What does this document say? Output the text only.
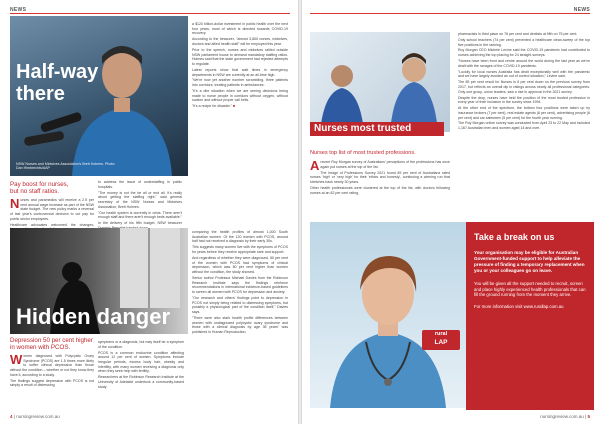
NEWS
Half-way
there
NSW Nurses and Midwives Association's Brett Holmes. Photo: Dan Himbrechts/AAP
Pay boost for nurses,
but no staff ratios.

Nurses and paramedics will receive a 2.5 per cent annual wage increase as part of the NSW state budget. The new policy marks a reversal of last year's controversial decision to cut pay for public sector employees.

Healthcare advocates welcomed the changes;

to address the issue of understaffing in public hospitals.

"The money is not the be all or end all. It's really about getting the staffing right," said general secretary of the NSW Nurses and Midwives Association, Brett Holmes.

"Our health system is currently in crisis. There aren't enough staff and there aren't enough beds available."

In the delivery of his fifth budget, NSW treasurer

a $120 billion-dollar investment in public health over the next four years, most of which is directed towards COVID-19 recovery.

According to the treasurer, "almost 3,800 nurses, midwives, doctors and allied health staff" will be employed this year.

Prior to the speech, nurses and midwives rallied outside NSW parliament house to demand mandatory staffing ratios. Holmes said that the state government had rejected attempts to regulate.

Latest reports show that wait times in emergency departments in NSW are currently at an all-time high.

"We're now yet another number scrambling, three patients into corridors, treating patients in ambulances.

"It's a dire situation when we are seeing decisions being made to nurse people in corridors without oxygen, without suction and without proper call bells.

"It's a recipe for disaster." ■

Hidden danger
Depression 50 per cent higher
in women with PCOS.

Women diagnosed with Polycystic Ovary Syndrome (PCOS) are 1.5 times more likely to suffer clinical depression than those without the condition – whether or not they know they have it, according to a study.

The findings suggest depression with PCOS is not simply a result of distressing

symptoms or a diagnosis, but may itself be a symptom of the condition.

PCOS is a common endocrine condition affecting around 12 per cent of women. Symptoms include irregular periods, excess body hair, obesity and infertility, with many women receiving a diagnosis only when they seek help with fertility.

Researchers at the Robinson Research Institute at the University of Adelaide undertook a community-based study

comparing the health profiles of almost 1,000 South Australian women. Of the 120 women with PCOS, around half had not received a diagnosis by their early 30s.

This suggests many women live with the symptoms of PCOS for years before they receive appropriate care and support.

And regardless of whether they were diagnosed, 50 per cent of the women with PCOS had symptoms of clinical depression, which was 50 per cent higher than women without the condition, the study showed.

Senior author Professor Michael Davies from the Robinson Research Institute says the findings reinforce recommendations in international evidence-based guidelines to screen all women with PCOS for depression and anxiety.

"Our research and others' findings point to depression in PCOS not simply being related to distressing symptoms, but possibly a physiological part of the condition itself," Davies says.

"There were also stark health profile differences between women with undiagnosed polycystic ovary syndrome and those with a clinical diagnosis by age 35 years" was published in Human Reproduction.

4 | nursingreview.com.au
NEWS
Nurses most trusted
Nurses top list of most trusted professions.

Arecent Roy Morgan survey of Australians' perceptions of the professions has once again put nurses at the top of the list.

The Image of Professions Survey 2021 found 89 per cent of Australians rated nurses 'high' or 'very high' for their 'ethics and honesty', continuing a winning run that stretches back nearly 30 years.

Other health professionals were clustered at the top of the list, with doctors following nurses at an 82 per cent rating,

pharmacists in third place on 76 per cent and dentists at fifth on 75 per cent.

Only school teachers (74 per cent) prevented a healthcare clean-sweep of the top five positions in the ranking.

Roy Morgan CEO Michele Levine said the COVID-19 pandemic had contributed to nurses achieving the top placing for 24 straight surveys.

"Nurses have been front and centre around the world during the last year as we've dealt with the ravages of the COVID-19 pandemic.

"Luckily for local nurses Australia has dealt exceptionally well with the pandemic and we have largely avoided an out of control situation," Levine said.

The 89 per cent result for Nurses is 6 per cent down on the previous survey from 2017, but reflects an overall dip in ratings across nearly all professional categories. Only one group, union leaders, saw a rise in approval in the 2021 survey.

Despite the drop, nurses have held the position of the most trusted profession in every year of their inclusion in the survey since 1994.

At the other end of the spectrum, the bottom four positions were taken up by insurance brokers (7 per cent), real estate agents (6 per cent), advertising people (6 per cent) and car salesmen (5 per cent) for the fourth year running.

The Roy Morgan online survey was conducted from April 23 to 22 May and included 1,167 Australian men and women aged 14 and over.

rural
LAP
Take a break on us
Your organisation may be eligible for Australian Government-funded support to help alleviate the pressure of finding a temporary replacement when you or your colleagues go on leave.
You will be given all the support needed to recruit, screen and place highly experienced health professionals that can fill the ground running from the moment they arrive.
For more information visit www.rurallap.com.au
nursingreview.com.au | 5
